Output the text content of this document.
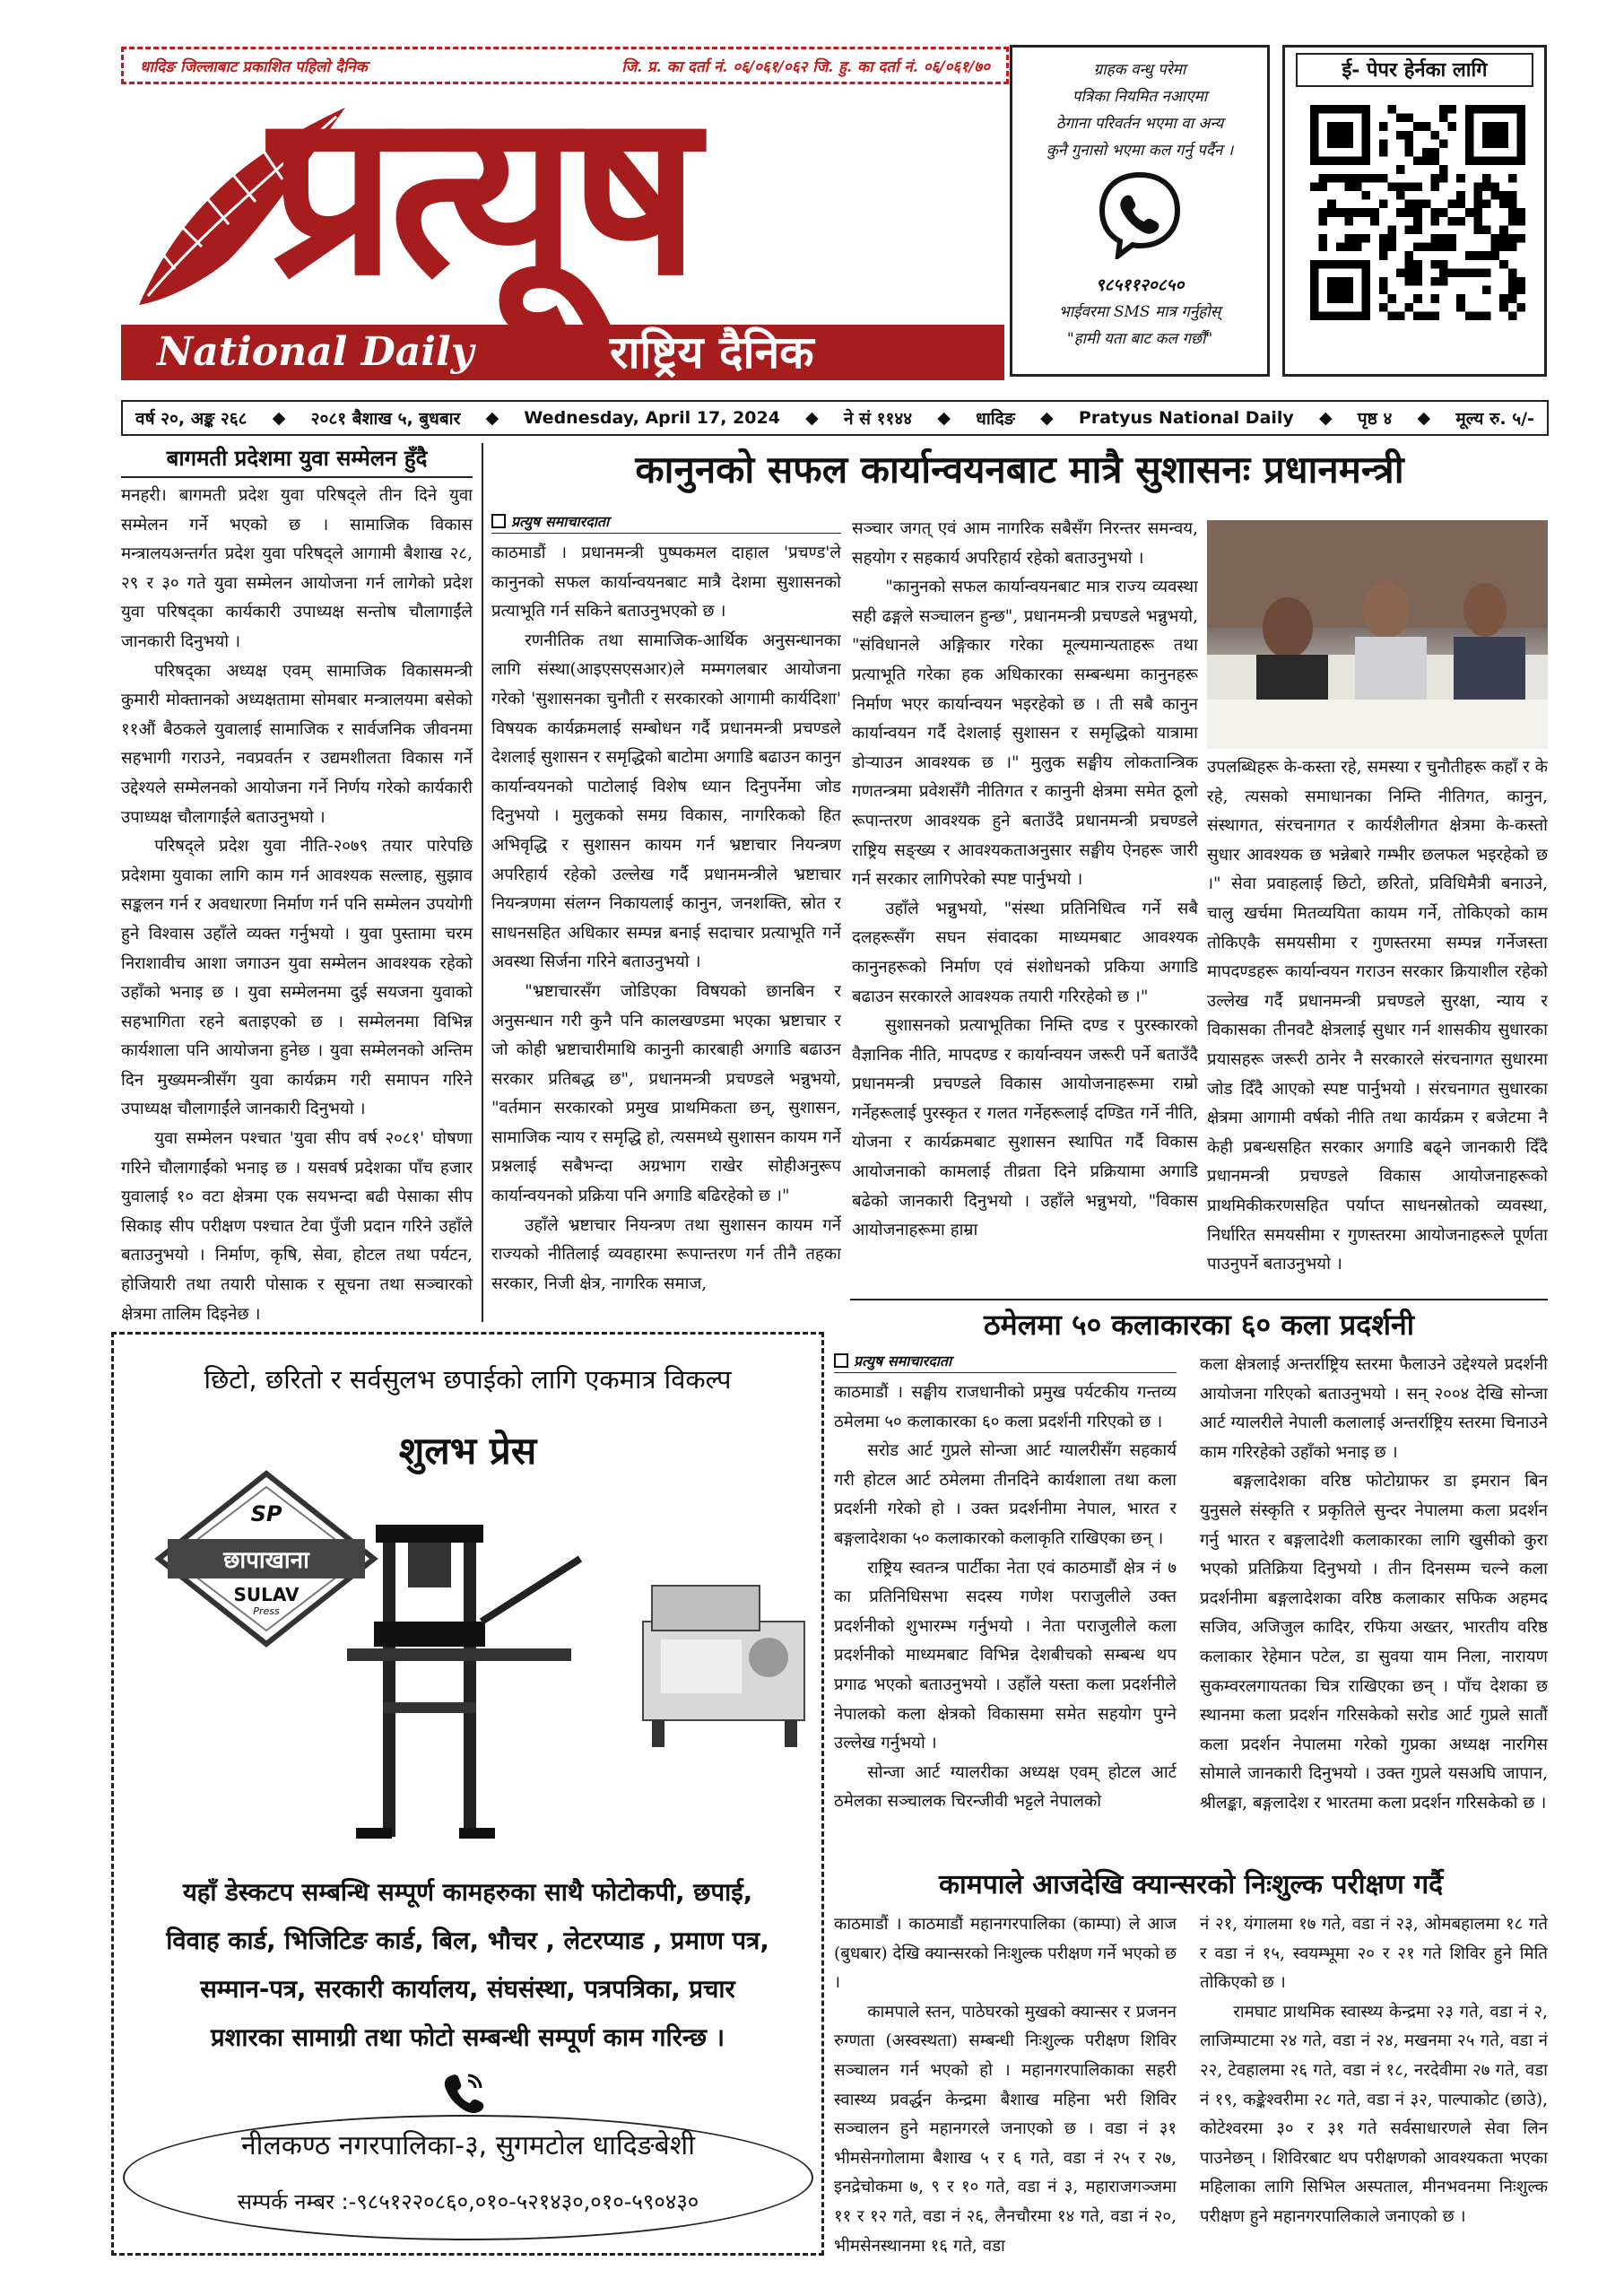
धादिङ जिल्लाबाट प्रकाशित पहिलो दैनिक	जि. प्र. का दर्ता नं. ०६/०६१/०६२ जि. हु. का दर्ता नं. ०६/०६१/७०
प्रत्यूष
National Daily	राष्ट्रिय दैनिक
ग्राहक वन्धु परेमा
पत्रिका नियमित नआएमा
ठेगाना परिवर्तन भएमा वा अन्य
कुनै गुनासो भएमा कल गर्नु पर्दैन ।
९८५११२०८५०
भाईवरमा SMS मात्र गर्नुहोस्
"हामी यता बाट कल गर्छौं"
ई- पेपर हेर्नका लागि
वर्ष २०, अङ्क २६८ ◆ २०८१ बैशाख ५, बुधबार ◆ Wednesday, April 17, 2024 ◆ ने सं ११४४ ◆ धादिङ ◆ Pratyus National Daily ◆ पृष्ठ ४ ◆ मूल्य रु. ५/-
बागमती प्रदेशमा युवा सम्मेलन हुँदै

मनहरी। बागमती प्रदेश युवा परिषद्ले तीन दिने युवा सम्मेलन गर्ने भएको छ । सामाजिक विकास मन्त्रालयअन्तर्गत प्रदेश युवा परिषद्ले आगामी बैशाख २८, २९ र ३० गते युवा सम्मेलन आयोजना गर्न लागेको प्रदेश युवा परिषद्का कार्यकारी उपाध्यक्ष सन्तोष चौलागाईंले जानकारी दिनुभयो ।

परिषद्का अध्यक्ष एवम् सामाजिक विकासमन्त्री कुमारी मोक्तानको अध्यक्षतामा सोमबार मन्त्रालयमा बसेको ११औं बैठकले युवालाई सामाजिक र सार्वजनिक जीवनमा सहभागी गराउने, नवप्रवर्तन र उद्यमशीलता विकास गर्ने उद्देश्यले सम्मेलनको आयोजना गर्ने निर्णय गरेको कार्यकारी उपाध्यक्ष चौलागाईंले बताउनुभयो ।

परिषद्ले प्रदेश युवा नीति-२०७९ तयार पारेपछि प्रदेशमा युवाका लागि काम गर्न आवश्यक सल्लाह, सुझाव सङ्कलन गर्न र अवधारणा निर्माण गर्न पनि सम्मेलन उपयोगी हुने विश्वास उहाँले व्यक्त गर्नुभयो । युवा पुस्तामा चरम निराशावीच आशा जगाउन युवा सम्मेलन आवश्यक रहेको उहाँको भनाइ छ । युवा सम्मेलनमा दुई सयजना युवाको सहभागिता रहने बताइएको छ । सम्मेलनमा विभिन्न कार्यशाला पनि आयोजना हुनेछ । युवा सम्मेलनको अन्तिम दिन मुख्यमन्त्रीसँग युवा कार्यक्रम गरी समापन गरिने उपाध्यक्ष चौलागाईंले जानकारी दिनुभयो ।

युवा सम्मेलन पश्चात 'युवा सीप वर्ष २०८१' घोषणा गरिने चौलागाईंको भनाइ छ । यसवर्ष प्रदेशका पाँच हजार युवालाई १० वटा क्षेत्रमा एक सयभन्दा बढी पेसाका सीप सिकाइ सीप परीक्षण पश्चात टेवा पुँजी प्रदान गरिने उहाँले बताउनुभयो । निर्माण, कृषि, सेवा, होटल तथा पर्यटन, होजियारी तथा तयारी पोसाक र सूचना तथा सञ्चारको क्षेत्रमा तालिम दिइनेछ ।

कानुनको सफल कार्यान्वयनबाट मात्रै सुशासनः प्रधानमन्त्री
प्रत्युष समाचारदाता

काठमाडौं । प्रधानमन्त्री पुष्पकमल दाहाल 'प्रचण्ड'ले कानुनको सफल कार्यान्वयनबाट मात्रै देशमा सुशासनको प्रत्याभूति गर्न सकिने बताउनुभएको छ ।

रणनीतिक तथा सामाजिक-आर्थिक अनुसन्धानका लागि संस्था(आइएसएसआर)ले मम्मगलबार आयोजना गरेको 'सुशासनका चुनौती र सरकारको आगामी कार्यदिशा' विषयक कार्यक्रमलाई सम्बोधन गर्दै प्रधानमन्त्री प्रचण्डले देशलाई सुशासन र समृद्धिको बाटोमा अगाडि बढाउन कानुन कार्यान्वयनको पाटोलाई विशेष ध्यान दिनुपर्नेमा जोड दिनुभयो । मुलुकको समग्र विकास, नागरिकको हित अभिवृद्धि र सुशासन कायम गर्न भ्रष्टाचार नियन्त्रण अपरिहार्य रहेको उल्लेख गर्दै प्रधानमन्त्रीले भ्रष्टाचार नियन्त्रणमा संलग्न निकायलाई कानुन, जनशक्ति, स्रोत र साधनसहित अधिकार सम्पन्न बनाई सदाचार प्रत्याभूति गर्ने अवस्था सिर्जना गरिने बताउनुभयो ।

"भ्रष्टाचारसँग जोडिएका विषयको छानबिन र अनुसन्धान गरी कुनै पनि कालखण्डमा भएका भ्रष्टाचार र जो कोही भ्रष्टाचारीमाथि कानुनी कारबाही अगाडि बढाउन सरकार प्रतिबद्ध छ", प्रधानमन्त्री प्रचण्डले भन्नुभयो, "वर्तमान सरकारको प्रमुख प्राथमिकता छन्, सुशासन, सामाजिक न्याय र समृद्धि हो, त्यसमध्ये सुशासन कायम गर्ने प्रश्नलाई सबैभन्दा अग्रभाग राखेर सोहीअनुरूप कार्यान्वयनको प्रक्रिया पनि अगाडि बढिरहेको छ ।"

उहाँले भ्रष्टाचार नियन्त्रण तथा सुशासन कायम गर्ने राज्यको नीतिलाई व्यवहारमा रूपान्तरण गर्न तीनै तहका सरकार, निजी क्षेत्र, नागरिक समाज,

सञ्चार जगत् एवं आम नागरिक सबैसँग निरन्तर समन्वय, सहयोग र सहकार्य अपरिहार्य रहेको बताउनुभयो ।

"कानुनको सफल कार्यान्वयनबाट मात्र राज्य व्यवस्था सही ढङ्गले सञ्चालन हुन्छ", प्रधानमन्त्री प्रचण्डले भन्नुभयो, "संविधानले अङ्गिकार गरेका मूल्यमान्यताहरू तथा प्रत्याभूति गरेका हक अधिकारका सम्बन्धमा कानुनहरू निर्माण भएर कार्यान्वयन भइरहेको छ । ती सबै कानुन कार्यान्वयन गर्दै देशलाई सुशासन र समृद्धिको यात्रामा डोऱ्याउन आवश्यक छ ।" मुलुक सङ्घीय लोकतान्त्रिक गणतन्त्रमा प्रवेशसँगै नीतिगत र कानुनी क्षेत्रमा समेत ठूलो रूपान्तरण आवश्यक हुने बताउँदै प्रधानमन्त्री प्रचण्डले राष्ट्रिय सङ्ख्य र आवश्यकताअनुसार सङ्घीय ऐनहरू जारी गर्न सरकार लागिपरेको स्पष्ट पार्नुभयो ।

उहाँले भन्नुभयो, "संस्था प्रतिनिधित्व गर्ने सबै दलहरूसँग सघन संवादका माध्यमबाट आवश्यक कानुनहरूको निर्माण एवं संशोधनको प्रकिया अगाडि बढाउन सरकारले आवश्यक तयारी गरिरहेको छ ।"

सुशासनको प्रत्याभूतिका निम्ति दण्ड र पुरस्कारको वैज्ञानिक नीति, मापदण्ड र कार्यान्वयन जरूरी पर्ने बताउँदै प्रधानमन्त्री प्रचण्डले विकास आयोजनाहरूमा राम्रो गर्नेहरूलाई पुरस्कृत र गलत गर्नेहरूलाई दण्डित गर्ने नीति, योजना र कार्यक्रमबाट सुशासन स्थापित गर्दै विकास आयोजनाको कामलाई तीव्रता दिने प्रक्रियामा अगाडि बढेको जानकारी दिनुभयो । उहाँले भन्नुभयो, "विकास आयोजनाहरूमा हाम्रा

उपलब्धिहरू के-कस्ता रहे, समस्या र चुनौतीहरू कहाँ र के रहे, त्यसको समाधानका निम्ति नीतिगत, कानुन, संस्थागत, संरचनागत र कार्यशैलीगत क्षेत्रमा के-कस्तो सुधार आवश्यक छ भन्नेबारे गम्भीर छलफल भइरहेको छ ।" सेवा प्रवाहलाई छिटो, छरितो, प्रविधिमैत्री बनाउने, चालु खर्चमा मितव्ययिता कायम गर्ने, तोकिएको काम तोकिएकै समयसीमा र गुणस्तरमा सम्पन्न गर्नेजस्ता मापदण्डहरू कार्यान्वयन गराउन सरकार क्रियाशील रहेको उल्लेख गर्दै प्रधानमन्त्री प्रचण्डले सुरक्षा, न्याय र विकासका तीनवटै क्षेत्रलाई सुधार गर्न शासकीय सुधारका प्रयासहरू जरूरी ठानेर नै सरकारले संरचनागत सुधारमा जोड दिँदै आएको स्पष्ट पार्नुभयो । संरचनागत सुधारका क्षेत्रमा आगामी वर्षको नीति तथा कार्यक्रम र बजेटमा नै केही प्रबन्धसहित सरकार अगाडि बढ्ने जानकारी दिँदै प्रधानमन्त्री प्रचण्डले विकास आयोजनाहरूको प्राथमिकीकरणसहित पर्याप्त साधनस्रोतको व्यवस्था, निर्धारित समयसीमा र गुणस्तरमा आयोजनाहरूले पूर्णता पाउनुपर्ने बताउनुभयो ।

ठमेलमा ५० कलाकारका ६० कला प्रदर्शनी
प्रत्युष समाचारदाता

काठमाडौं । सङ्घीय राजधानीको प्रमुख पर्यटकीय गन्तव्य ठमेलमा ५० कलाकारका ६० कला प्रदर्शनी गरिएको छ ।

सरोड आर्ट गुप्रले सोन्जा आर्ट ग्यालरीसँग सहकार्य गरी होटल आर्ट ठमेलमा तीनदिने कार्यशाला तथा कला प्रदर्शनी गरेको हो । उक्त प्रदर्शनीमा नेपाल, भारत र बङ्गलादेशका ५० कलाकारको कलाकृति राखिएका छन् ।

राष्ट्रिय स्वतन्त्र पार्टीका नेता एवं काठमाडौं क्षेत्र नं ७ का प्रतिनिधिसभा सदस्य गणेश पराजुलीले उक्त प्रदर्शनीको शुभारम्भ गर्नुभयो । नेता पराजुलीले कला प्रदर्शनीको माध्यमबाट विभिन्न देशबीचको सम्बन्ध थप प्रगाढ भएको बताउनुभयो । उहाँले यस्ता कला प्रदर्शनीले नेपालको कला क्षेत्रको विकासमा समेत सहयोग पुग्ने उल्लेख गर्नुभयो ।

सोन्जा आर्ट ग्यालरीका अध्यक्ष एवम् होटल आर्ट ठमेलका सञ्चालक चिरन्जीवी भट्टले नेपालको

कला क्षेत्रलाई अन्तर्राष्ट्रिय स्तरमा फैलाउने उद्देश्यले प्रदर्शनी आयोजना गरिएको बताउनुभयो । सन् २००४ देखि सोन्जा आर्ट ग्यालरीले नेपाली कलालाई अन्तर्राष्ट्रिय स्तरमा चिनाउने काम गरिरहेको उहाँको भनाइ छ ।

बङ्गलादेशका वरिष्ठ फोटोग्राफर डा इमरान बिन युनुसले संस्कृति र प्रकृतिले सुन्दर नेपालमा कला प्रदर्शन गर्नु भारत र बङ्गलादेशी कलाकारका लागि खुसीको कुरा भएको प्रतिक्रिया दिनुभयो । तीन दिनसम्म चल्ने कला प्रदर्शनीमा बङ्गलादेशका वरिष्ठ कलाकार सफिक अहमद सजिव, अजिजुल कादिर, रफिया अख्तर, भारतीय वरिष्ठ कलाकार रेहेमान पटेल, डा सुवया याम निला, नारायण सुकम्वरलगायतका चित्र राखिएका छन् । पाँच देशका छ स्थानमा कला प्रदर्शन गरिसकेको सरोड आर्ट गुप्रले सातौं कला प्रदर्शन नेपालमा गरेको गुप्रका अध्यक्ष नारगिस सोमाले जानकारी दिनुभयो । उक्त गुप्रले यसअघि जापान, श्रीलङ्का, बङ्गलादेश र भारतमा कला प्रदर्शन गरिसकेको छ ।

कामपाले आजदेखि क्यान्सरको निःशुल्क परीक्षण गर्दै

काठमाडौं । काठमाडौं महानगरपालिका (काम्पा) ले आज (बुधबार) देखि क्यान्सरको निःशुल्क परीक्षण गर्ने भएको छ ।

कामपाले स्तन, पाठेघरको मुखको क्यान्सर र प्रजनन रुग्णता (अस्वस्थता) सम्बन्धी निःशुल्क परीक्षण शिविर सञ्चालन गर्न भएको हो । महानगरपालिकाका सहरी स्वास्थ्य प्रवर्द्धन केन्द्रमा बैशाख महिना भरी शिविर सञ्चालन हुने महानगरले जनाएको छ । वडा नं ३१ भीमसेनगोलामा बैशाख ५ र ६ गते, वडा नं २५ र २७, इनद्रेचोकमा ७, ९ र १० गते, वडा नं ३, महाराजगञ्जमा ११ र १२ गते, वडा नं २६, लैनचौरमा १४ गते, वडा नं २०, भीमसेनस्थानमा १६ गते, वडा

नं २१, यंगालमा १७ गते, वडा नं २३, ओमबहालमा १८ गते र वडा नं १५, स्वयम्भूमा २० र २१ गते शिविर हुने मिति तोकिएको छ ।

रामघाट प्राथमिक स्वास्थ्य केन्द्रमा २३ गते, वडा नं २, लाजिम्पाटमा २४ गते, वडा नं २४, मखनमा २५ गते, वडा नं २२, टेवहालमा २६ गते, वडा नं १८, नरदेवीमा २७ गते, वडा नं १९, कङ्केश्वरीमा २८ गते, वडा नं ३२, पाल्पाकोट (छाउे), कोटेश्वरमा ३० र ३१ गते सर्वसाधारणले सेवा लिन पाउनेछन् । शिविरबाट थप परीक्षणको आवश्यकता भएका महिलाका लागि सिभिल अस्पताल, मीनभवनमा निःशुल्क परीक्षण हुने महानगरपालिकाले जनाएको छ ।

छिटो, छरितो र सर्वसुलभ छपाईको लागि एकमात्र विकल्प
शुलभ प्रेस
छापाखाना
SP
SULAV
Press
यहाँ डेस्कटप सम्बन्धि सम्पूर्ण कामहरुका साथै फोटोकपी, छपाई,
विवाह कार्ड, भिजिटिङ कार्ड, बिल, भौचर , लेटरप्याड , प्रमाण पत्र,
सम्मान-पत्र, सरकारी कार्यालय, संघसंस्था, पत्रपत्रिका, प्रचार
प्रशारका सामाग्री तथा फोटो सम्बन्धी सम्पूर्ण काम गरिन्छ ।
नीलकण्ठ नगरपालिका-३, सुगमटोल धादिङबेशी
सम्पर्क नम्बर :-९८५१२२०८६०,०१०-५२१४३०,०१०-५९०४३०
